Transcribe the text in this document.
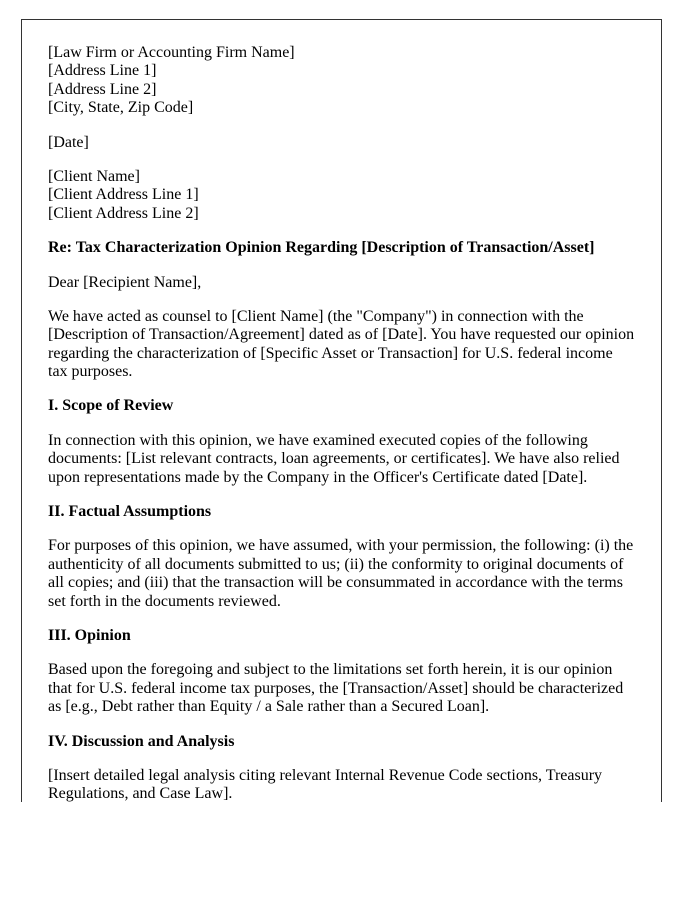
[Law Firm or Accounting Firm Name]
[Address Line 1]
[Address Line 2]
[City, State, Zip Code]

[Date]

[Client Name]
[Client Address Line 1]
[Client Address Line 2]

Re: Tax Characterization Opinion Regarding [Description of Transaction/Asset]

Dear [Recipient Name],

We have acted as counsel to [Client Name] (the "Company") in connection with the [Description of Transaction/Agreement] dated as of [Date]. You have requested our opinion regarding the characterization of [Specific Asset or Transaction] for U.S. federal income tax purposes.

I. Scope of Review

In connection with this opinion, we have examined executed copies of the following documents: [List relevant contracts, loan agreements, or certificates]. We have also relied upon representations made by the Company in the Officer's Certificate dated [Date].

II. Factual Assumptions

For purposes of this opinion, we have assumed, with your permission, the following: (i) the authenticity of all documents submitted to us; (ii) the conformity to original documents of all copies; and (iii) that the transaction will be consummated in accordance with the terms set forth in the documents reviewed.

III. Opinion

Based upon the foregoing and subject to the limitations set forth herein, it is our opinion that for U.S. federal income tax purposes, the [Transaction/Asset] should be characterized as [e.g., Debt rather than Equity / a Sale rather than a Secured Loan].

IV. Discussion and Analysis

[Insert detailed legal analysis citing relevant Internal Revenue Code sections, Treasury Regulations, and Case Law].
